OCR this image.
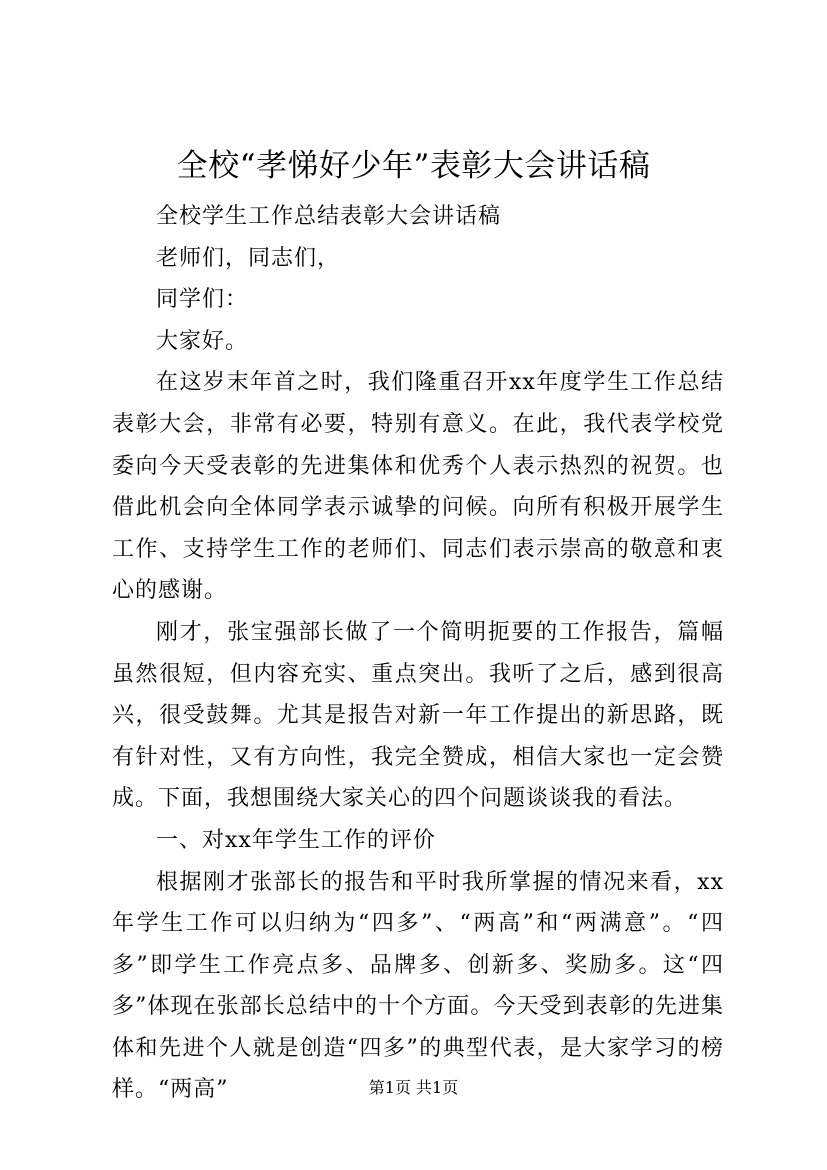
全校“孝悌好少年”表彰大会讲话稿

全校学生工作总结表彰大会讲话稿

老师们，同志们，

同学们：

大家好。

在这岁末年首之时，我们隆重召开xx年度学生工作总结表彰大会，非常有必要，特别有意义。在此，我代表学校党委向今天受表彰的先进集体和优秀个人表示热烈的祝贺。也借此机会向全体同学表示诚挚的问候。向所有积极开展学生工作、支持学生工作的老师们、同志们表示崇高的敬意和衷心的感谢。

刚才，张宝强部长做了一个简明扼要的工作报告，篇幅虽然很短，但内容充实、重点突出。我听了之后，感到很高兴，很受鼓舞。尤其是报告对新一年工作提出的新思路，既有针对性，又有方向性，我完全赞成，相信大家也一定会赞成。下面，我想围绕大家关心的四个问题谈谈我的看法。

一、对xx年学生工作的评价

根据刚才张部长的报告和平时我所掌握的情况来看，xx年学生工作可以归纳为“四多”、“两高”和“两满意”。“四多”即学生工作亮点多、品牌多、创新多、奖励多。这“四多”体现在张部长总结中的十个方面。今天受到表彰的先进集体和先进个人就是创造“四多”的典型代表，是大家学习的榜样。“两高”	第1页 共1页
